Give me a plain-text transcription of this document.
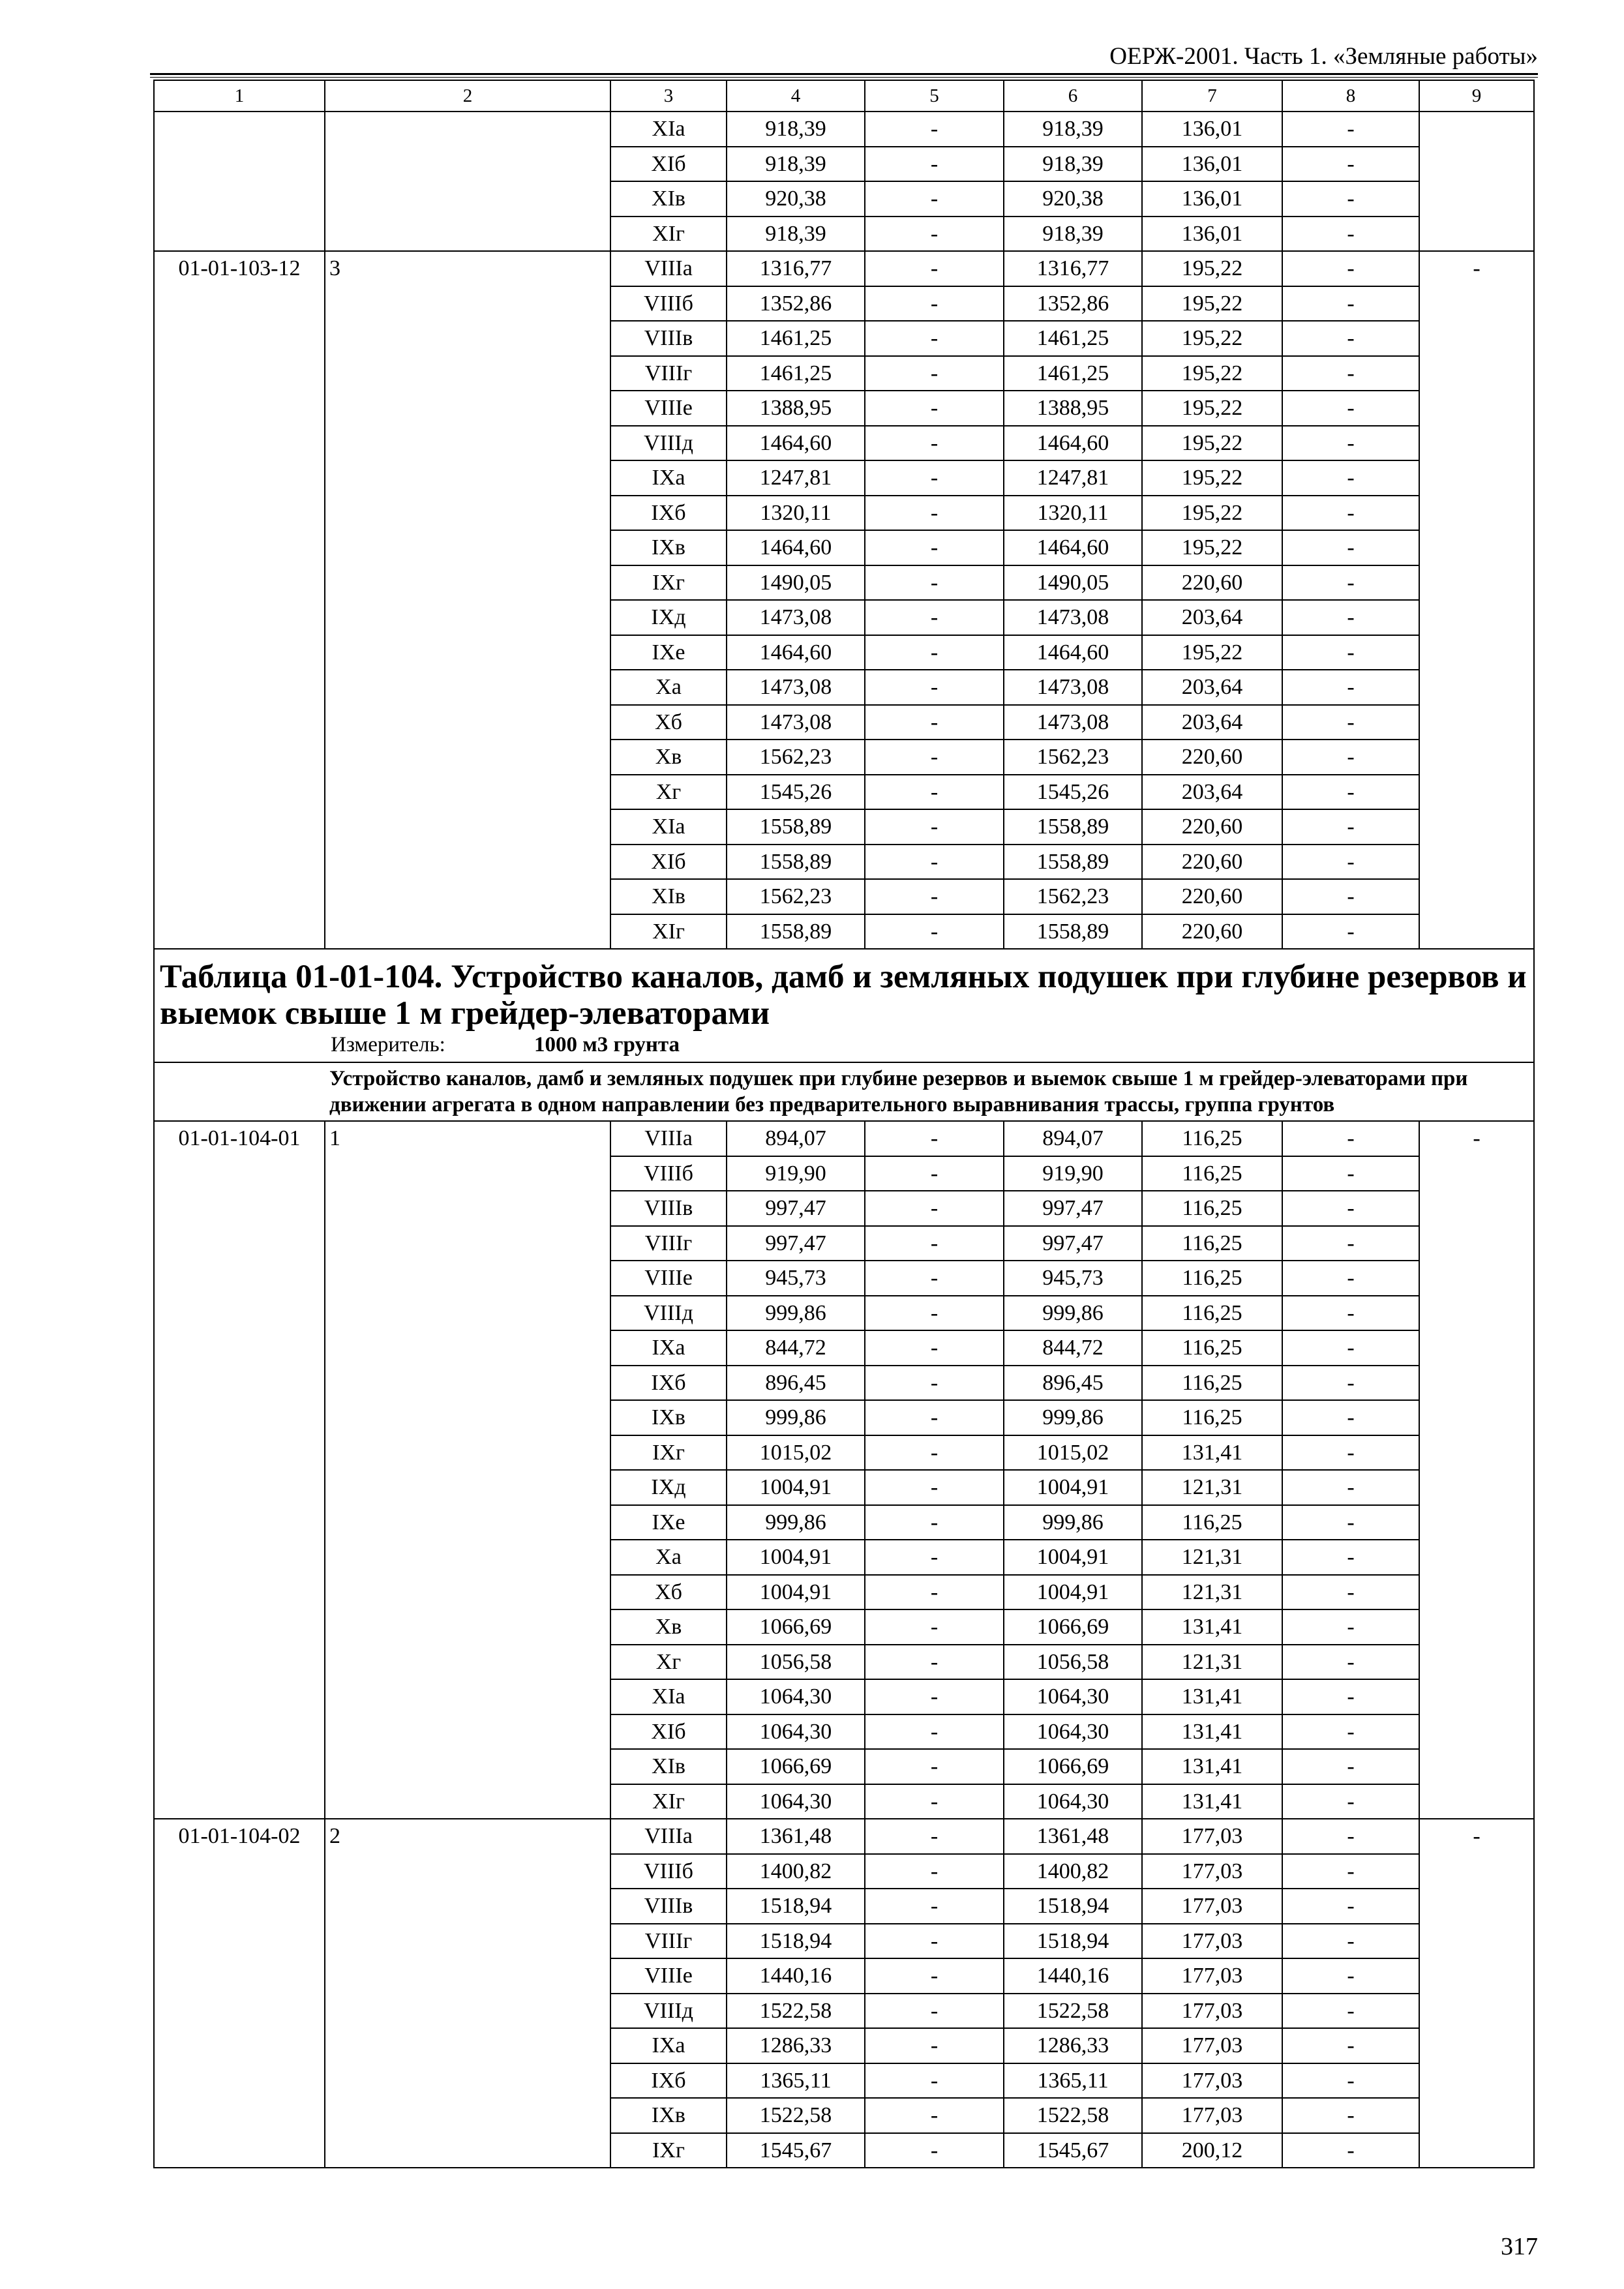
ОЕРЖ-2001. Часть 1. «Земляные работы»
1	2	3	4	5	6	7	8	9
		XIа	918,39	-	918,39	136,01	-	
		XIб	918,39	-	918,39	136,01	-	
		XIв	920,38	-	920,38	136,01	-	
		XIг	918,39	-	918,39	136,01	-	
01-01-103-12	3	VIIIа	1316,77	-	1316,77	195,22	-	-
		VIIIб	1352,86	-	1352,86	195,22	-	
		VIIIв	1461,25	-	1461,25	195,22	-	
		VIIIг	1461,25	-	1461,25	195,22	-	
		VIIIе	1388,95	-	1388,95	195,22	-	
		VIIIд	1464,60	-	1464,60	195,22	-	
		IXа	1247,81	-	1247,81	195,22	-	
		IXб	1320,11	-	1320,11	195,22	-	
		IXв	1464,60	-	1464,60	195,22	-	
		IXг	1490,05	-	1490,05	220,60	-	
		IXд	1473,08	-	1473,08	203,64	-	
		IXе	1464,60	-	1464,60	195,22	-	
		Xа	1473,08	-	1473,08	203,64	-	
		Xб	1473,08	-	1473,08	203,64	-	
		Xв	1562,23	-	1562,23	220,60	-	
		Xг	1545,26	-	1545,26	203,64	-	
		XIа	1558,89	-	1558,89	220,60	-	
		XIб	1558,89	-	1558,89	220,60	-	
		XIв	1562,23	-	1562,23	220,60	-	
		XIг	1558,89	-	1558,89	220,60	-	

Таблица 01-01-104. Устройство каналов, дамб и земляных подушек при глубине резервов и выемок свыше 1 м грейдер-элеваторами
Измеритель: 1000 м3 грунта								

Устройство каналов, дамб и земляных подушек при глубине резервов и выемок свыше 1 м грейдер-элеваторами при движении агрегата в одном направлении без предварительного выравнивания трассы, группа грунтов								
01-01-104-01	1	VIIIа	894,07	-	894,07	116,25	-	-
		VIIIб	919,90	-	919,90	116,25	-	
		VIIIв	997,47	-	997,47	116,25	-	
		VIIIг	997,47	-	997,47	116,25	-	
		VIIIе	945,73	-	945,73	116,25	-	
		VIIIд	999,86	-	999,86	116,25	-	
		IXа	844,72	-	844,72	116,25	-	
		IXб	896,45	-	896,45	116,25	-	
		IXв	999,86	-	999,86	116,25	-	
		IXг	1015,02	-	1015,02	131,41	-	
		IXд	1004,91	-	1004,91	121,31	-	
		IXе	999,86	-	999,86	116,25	-	
		Xа	1004,91	-	1004,91	121,31	-	
		Xб	1004,91	-	1004,91	121,31	-	
		Xв	1066,69	-	1066,69	131,41	-	
		Xг	1056,58	-	1056,58	121,31	-	
		XIа	1064,30	-	1064,30	131,41	-	
		XIб	1064,30	-	1064,30	131,41	-	
		XIв	1066,69	-	1066,69	131,41	-	
		XIг	1064,30	-	1064,30	131,41	-	
01-01-104-02	2	VIIIа	1361,48	-	1361,48	177,03	-	-
		VIIIб	1400,82	-	1400,82	177,03	-	
		VIIIв	1518,94	-	1518,94	177,03	-	
		VIIIг	1518,94	-	1518,94	177,03	-	
		VIIIе	1440,16	-	1440,16	177,03	-	
		VIIIд	1522,58	-	1522,58	177,03	-	
		IXа	1286,33	-	1286,33	177,03	-	
		IXб	1365,11	-	1365,11	177,03	-	
		IXв	1522,58	-	1522,58	177,03	-	
		IXг	1545,67	-	1545,67	200,12	-	
317
